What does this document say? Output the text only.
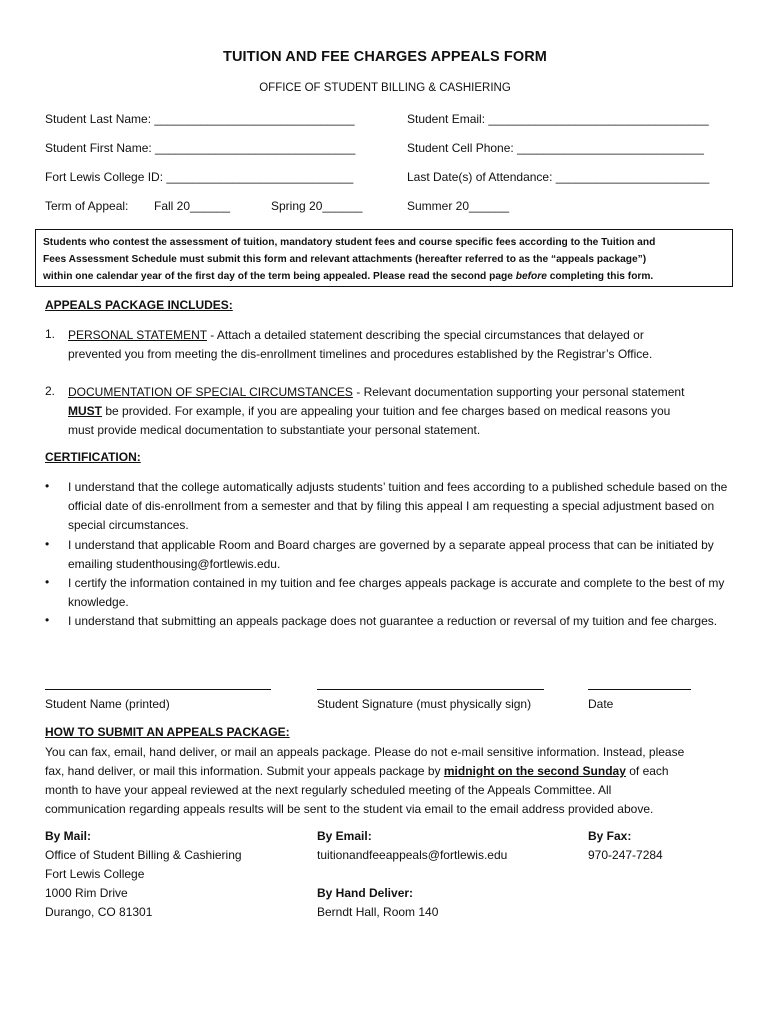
TUITION AND FEE CHARGES APPEALS FORM
OFFICE OF STUDENT BILLING & CASHIERING
Student Last Name: ______________________________	Student Email: _________________________________
Student First Name: ______________________________	Student Cell Phone: ____________________________
Fort Lewis College ID: ____________________________	Last Date(s) of Attendance: _______________________
Term of Appeal: Fall 20______	Spring 20______	Summer 20______
Students who contest the assessment of tuition, mandatory student fees and course specific fees according to the Tuition and
Fees Assessment Schedule must submit this form and relevant attachments (hereafter referred to as the “appeals package”)
within one calendar year of the first day of the term being appealed. Please read the second page before completing this form.
APPEALS PACKAGE INCLUDES:
1. PERSONAL STATEMENT - Attach a detailed statement describing the special circumstances that delayed or
prevented you from meeting the dis-enrollment timelines and procedures established by the Registrar’s Office.
2. DOCUMENTATION OF SPECIAL CIRCUMSTANCES - Relevant documentation supporting your personal statement
MUST be provided. For example, if you are appealing your tuition and fee charges based on medical reasons you
must provide medical documentation to substantiate your personal statement.
CERTIFICATION:
• I understand that the college automatically adjusts students’ tuition and fees according to a published schedule based on the official date of dis-enrollment from a semester and that by filing this appeal I am requesting a special adjustment based on special circumstances.
• I understand that applicable Room and Board charges are governed by a separate appeal process that can be initiated by emailing studenthousing@fortlewis.edu.
• I certify the information contained in my tuition and fee charges appeals package is accurate and complete to the best of my knowledge.
• I understand that submitting an appeals package does not guarantee a reduction or reversal of my tuition and fee charges.
Student Name (printed)	Student Signature (must physically sign)	Date
HOW TO SUBMIT AN APPEALS PACKAGE:
You can fax, email, hand deliver, or mail an appeals package. Please do not e-mail sensitive information. Instead, please
fax, hand deliver, or mail this information. Submit your appeals package by midnight on the second Sunday of each
month to have your appeal reviewed at the next regularly scheduled meeting of the Appeals Committee. All
communication regarding appeals results will be sent to the student via email to the email address provided above.
By Mail:
Office of Student Billing & Cashiering
Fort Lewis College
1000 Rim Drive
Durango, CO 81301
By Email:
tuitionandfeeappeals@fortlewis.edu
By Hand Deliver:
Berndt Hall, Room 140
By Fax:
970-247-7284
